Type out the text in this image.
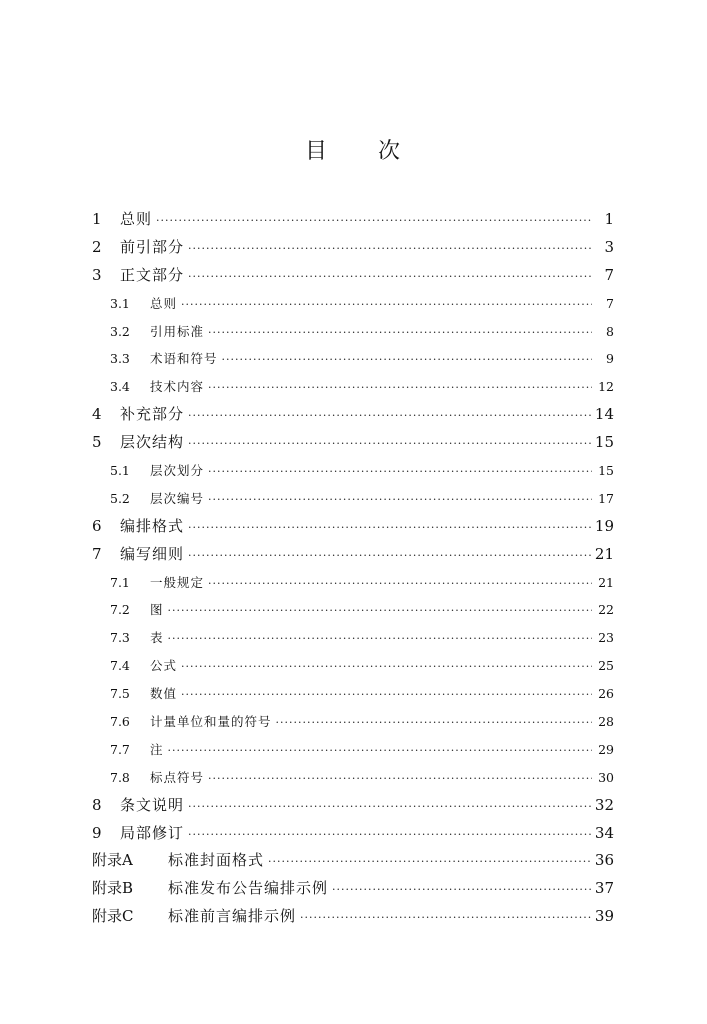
目 次
1	总则 ·····	1
2	前引部分 ·····	3
3	正文部分 ·····	7
3.1	总则 ·····	7
3.2	引用标准 ·····	8
3.3	术语和符号 ·····	9
3.4	技术内容 ·····	12
4	补充部分 ·····	14
5	层次结构 ·····	15
5.1	层次划分 ·····	15
5.2	层次编号 ·····	17
6	编排格式 ·····	19
7	编写细则 ·····	21
7.1	一般规定 ·····	21
7.2	图 ·····	22
7.3	表 ·····	23
7.4	公式 ·····	25
7.5	数值 ·····	26
7.6	计量单位和量的符号 ·····	28
7.7	注 ·····	29
7.8	标点符号 ·····	30
8	条文说明 ·····	32
9	局部修订 ·····	34
附录A	标准封面格式 ·····	36
附录B	标准发布公告编排示例 ·····	37
附录C	标准前言编排示例 ·····	39
